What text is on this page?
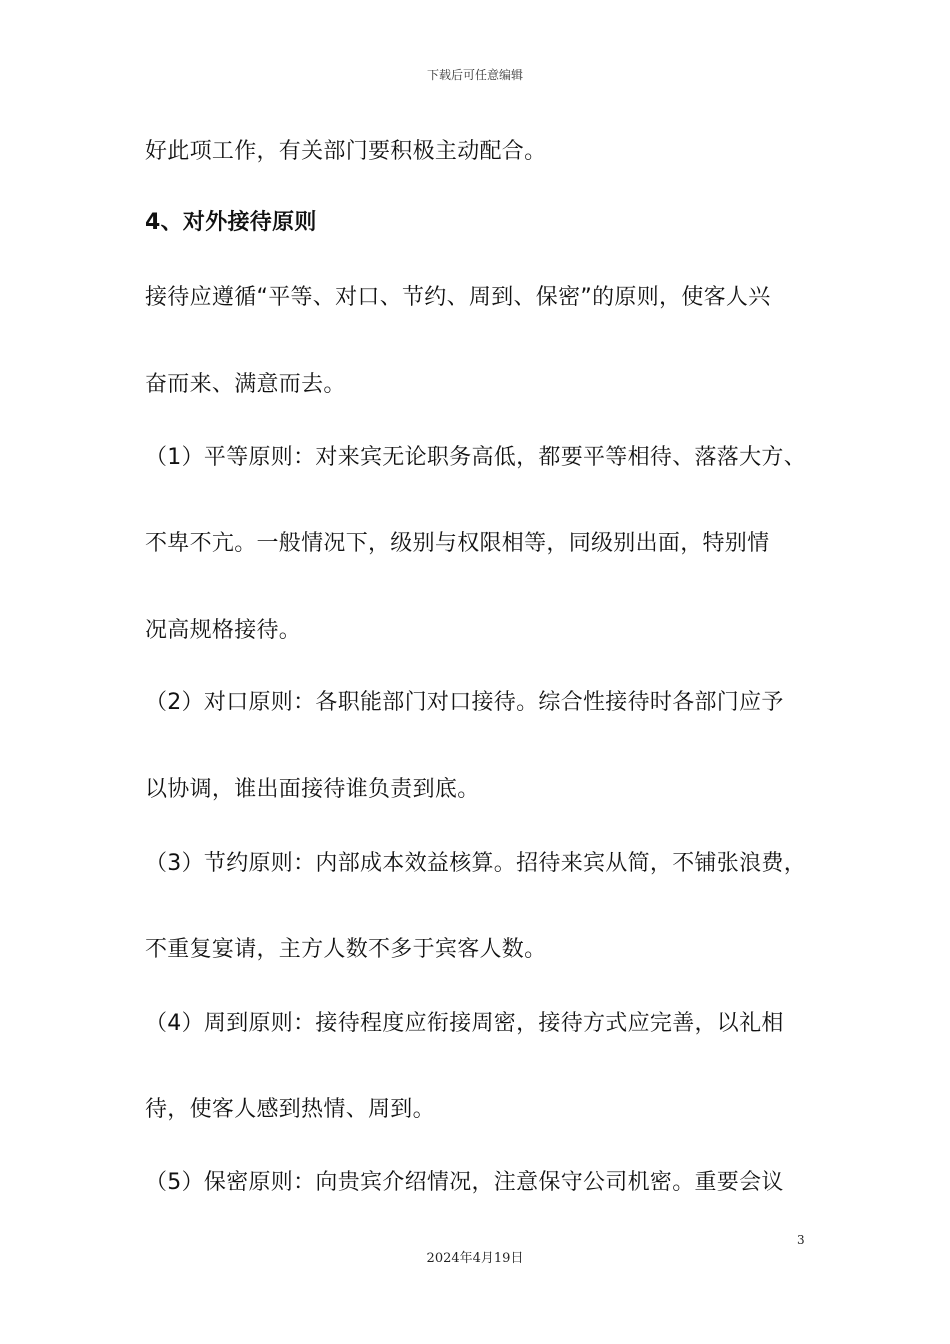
下载后可任意编辑
好此项工作，有关部门要积极主动配合。
4、对外接待原则
接待应遵循“平等、对口、节约、周到、保密”的原则，使客人兴
奋而来、满意而去。
（1）平等原则：对来宾无论职务高低，都要平等相待、落落大方、
不卑不亢。一般情况下，级别与权限相等，同级别出面，特别情
况高规格接待。
（2）对口原则：各职能部门对口接待。综合性接待时各部门应予
以协调，谁出面接待谁负责到底。
（3）节约原则：内部成本效益核算。招待来宾从简，不铺张浪费，
不重复宴请，主方人数不多于宾客人数。
（4）周到原则：接待程度应衔接周密，接待方式应完善，以礼相
待，使客人感到热情、周到。
（5）保密原则：向贵宾介绍情况，注意保守公司机密。重要会议
3
2024年4月19日
